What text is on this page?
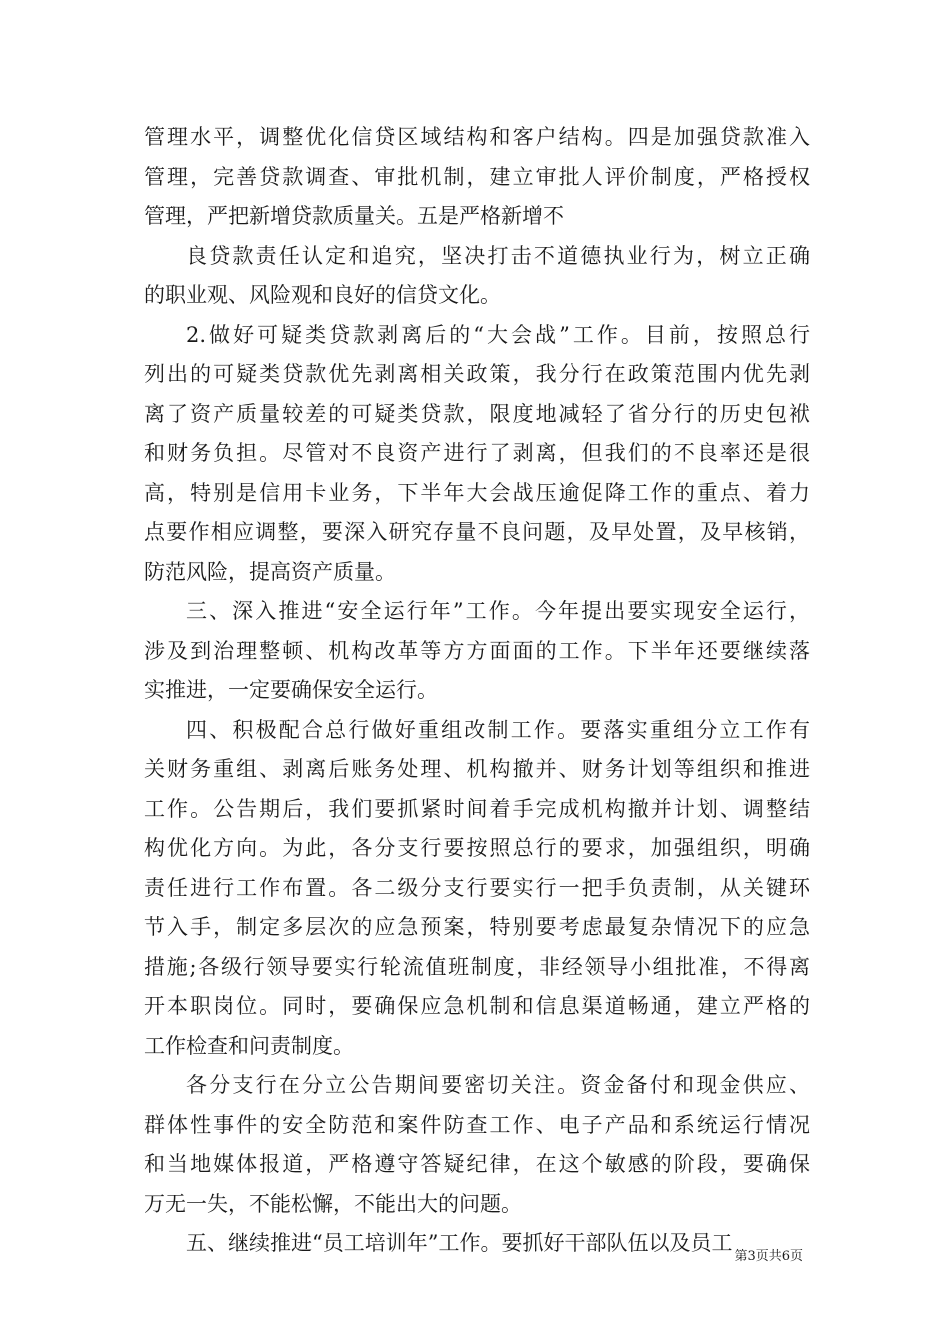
管理水平，调整优化信贷区域结构和客户结构。四是加强贷款准入
管理，完善贷款调查、审批机制，建立审批人评价制度，严格授权
管理，严把新增贷款质量关。五是严格新增不
良贷款责任认定和追究，坚决打击不道德执业行为，树立正确
的职业观、风险观和良好的信贷文化。
2.做好可疑类贷款剥离后的“大会战”工作。目前，按照总行
列出的可疑类贷款优先剥离相关政策，我分行在政策范围内优先剥
离了资产质量较差的可疑类贷款，限度地减轻了省分行的历史包袱
和财务负担。尽管对不良资产进行了剥离，但我们的不良率还是很
高，特别是信用卡业务，下半年大会战压逾促降工作的重点、着力
点要作相应调整，要深入研究存量不良问题，及早处置，及早核销，
防范风险，提高资产质量。
三、深入推进“安全运行年”工作。今年提出要实现安全运行，
涉及到治理整顿、机构改革等方方面面的工作。下半年还要继续落
实推进，一定要确保安全运行。
四、积极配合总行做好重组改制工作。要落实重组分立工作有
关财务重组、剥离后账务处理、机构撤并、财务计划等组织和推进
工作。公告期后，我们要抓紧时间着手完成机构撤并计划、调整结
构优化方向。为此，各分支行要按照总行的要求，加强组织，明确
责任进行工作布置。各二级分支行要实行一把手负责制，从关键环
节入手，制定多层次的应急预案，特别要考虑最复杂情况下的应急
措施;各级行领导要实行轮流值班制度，非经领导小组批准，不得离
开本职岗位。同时，要确保应急机制和信息渠道畅通，建立严格的
工作检查和问责制度。
各分支行在分立公告期间要密切关注。资金备付和现金供应、
群体性事件的安全防范和案件防查工作、电子产品和系统运行情况
和当地媒体报道，严格遵守答疑纪律，在这个敏感的阶段，要确保
万无一失，不能松懈，不能出大的问题。
五、继续推进“员工培训年”工作。要抓好干部队伍以及员工
第3页共6页
